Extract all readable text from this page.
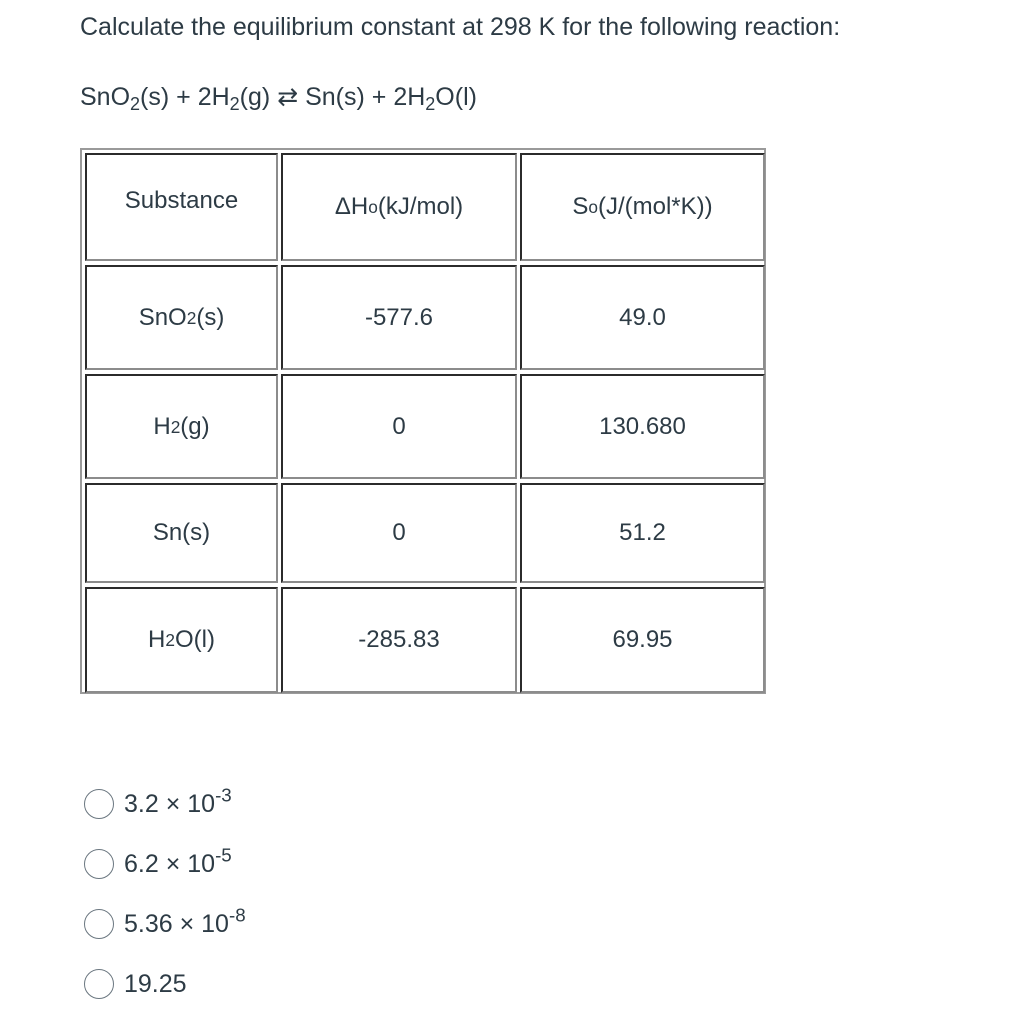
Calculate the equilibrium constant at 298 K for the following reaction:

$SnO_2(s) + 2H_2(g)$ ⇄ $Sn(s) + 2H_2O(l)$
Substance	ΔH o (kJ/mol)	S o (J/(mol*K))
SnO 2 (s)	-577.6	49.0
H 2 (g)	0	130.680
Sn(s)	0	51.2
H 2 O(l)	-285.83	69.95
$3.2 \times 10^{-3}$
$6.2 \times 10^{-5}$
$5.36 \times 10^{-8}$
19.25
